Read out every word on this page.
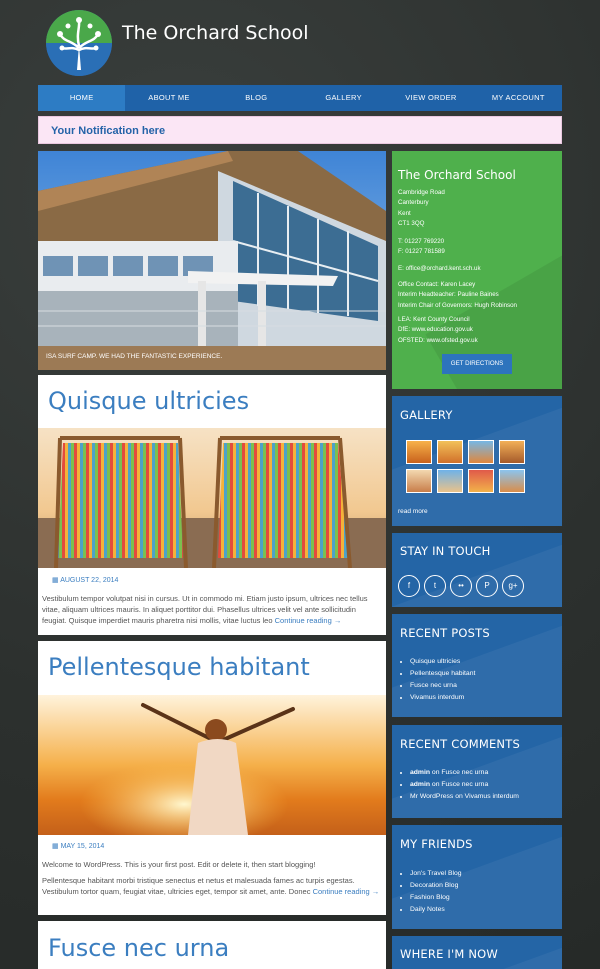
The Orchard School
HOME	ABOUT ME	BLOG	GALLERY	VIEW ORDER	MY ACCOUNT
Your Notification here
ISA SURF CAMP. WE HAD THE FANTASTIC EXPERIENCE.
Quisque ultricies
▦ AUGUST 22, 2014
Vestibulum tempor volutpat nisi in cursus. Ut in commodo mi. Etiam justo ipsum, ultrices nec tellus vitae, aliquam ultrices mauris. In aliquet porttitor dui. Phasellus ultrices velit vel ante sollicitudin feugiat. Quisque imperdiet mauris pharetra nisi mollis, vitae luctus leo Continue reading →
Pellentesque habitant
▦ MAY 15, 2014
Welcome to WordPress. This is your first post. Edit or delete it, then start blogging!
Pellentesque habitant morbi tristique senectus et netus et malesuada fames ac turpis egestas. Vestibulum tortor quam, feugiat vitae, ultricies eget, tempor sit amet, ante. Donec Continue reading →
Fusce nec urna
The Orchard School
Cambridge Road
Canterbury
Kent
CT1 3QQ
T: 01227 769220
F: 01227 781589
E: office@orchard.kent.sch.uk
Office Contact: Karen Lacey
Interim Headteacher: Pauline Baines
Interim Chair of Governors: Hugh Robinson
LEA: Kent County Council
DfE: www.education.gov.uk
OFSTED: www.ofsted.gov.uk
GET DIRECTIONS
GALLERY
read more
STAY IN TOUCH
f	t	••	P	g+
RECENT POSTS
• Quisque ultricies
• Pellentesque habitant
• Fusce nec urna
• Vivamus interdum
RECENT COMMENTS
• admin on Fusce nec urna
• admin on Fusce nec urna
• Mr WordPress on Vivamus interdum
MY FRIENDS
• Jon's Travel Blog
• Decoration Blog
• Fashion Blog
• Daily Notes
WHERE I'M NOW
